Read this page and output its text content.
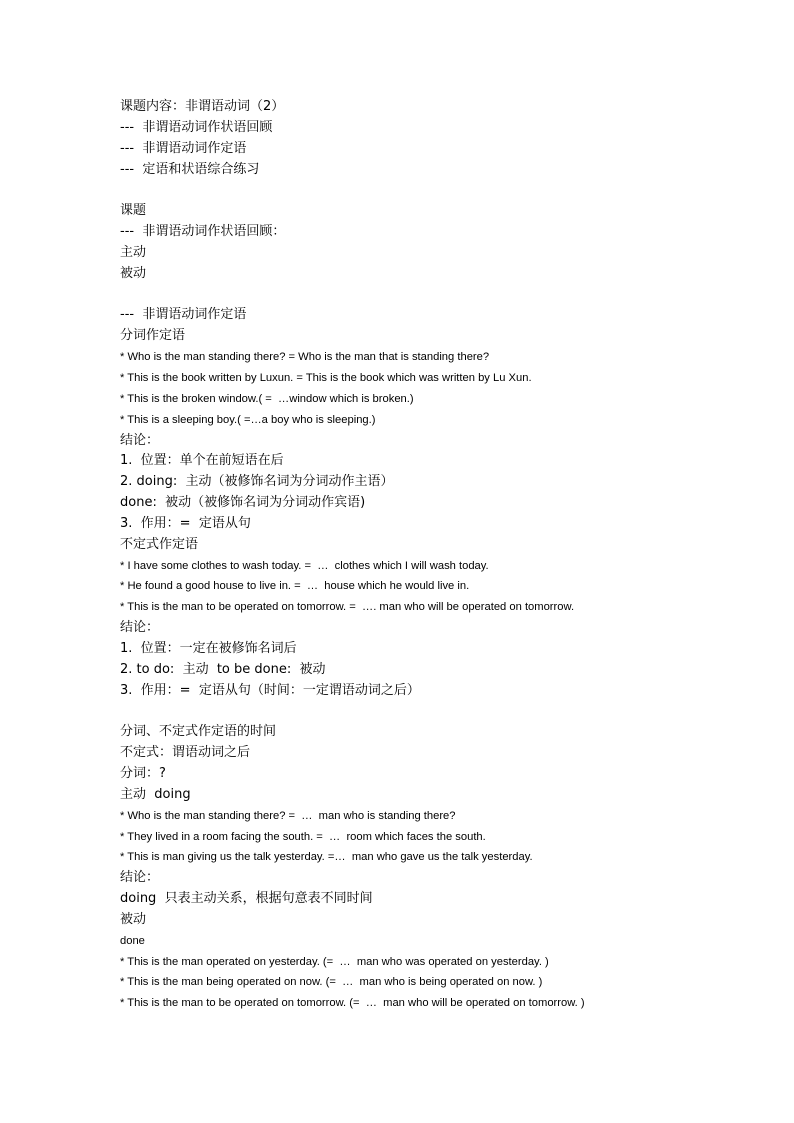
课题内容：非谓语动词（2）
---  非谓语动词作状语回顾
---  非谓语动词作定语
---  定语和状语综合练习
课题
---  非谓语动词作状语回顾：
主动
被动
---  非谓语动词作定语
分词作定语
* Who is the man standing there? = Who is the man that is standing there?
* This is the book written by Luxun. = This is the book which was written by Lu Xun.
* This is the broken window.( =  …window which is broken.)
* This is a sleeping boy.( =…a boy who is sleeping.)
结论：
1.  位置：单个在前短语在后
2. doing:  主动（被修饰名词为分词动作主语）
done:  被动（被修饰名词为分词动作宾语)
3.  作用：=  定语从句
不定式作定语
* I have some clothes to wash today. =  …  clothes which I will wash today.
* He found a good house to live in. =  …  house which he would live in.
* This is the man to be operated on tomorrow. =  …. man who will be operated on tomorrow.
结论：
1.  位置：一定在被修饰名词后
2. to do:  主动  to be done:  被动
3.  作用：=  定语从句（时间：一定谓语动词之后）
分词、不定式作定语的时间
不定式：谓语动词之后
分词：?
主动  doing
* Who is the man standing there? =  …  man who is standing there?
* They lived in a room facing the south. =  …  room which faces the south.
* This is man giving us the talk yesterday. =…  man who gave us the talk yesterday.
结论：
doing  只表主动关系，根据句意表不同时间
被动
done
* This is the man operated on yesterday. (=  …  man who was operated on yesterday. )
* This is the man being operated on now. (=  …  man who is being operated on now. )
* This is the man to be operated on tomorrow. (=  …  man who will be operated on tomorrow. )
